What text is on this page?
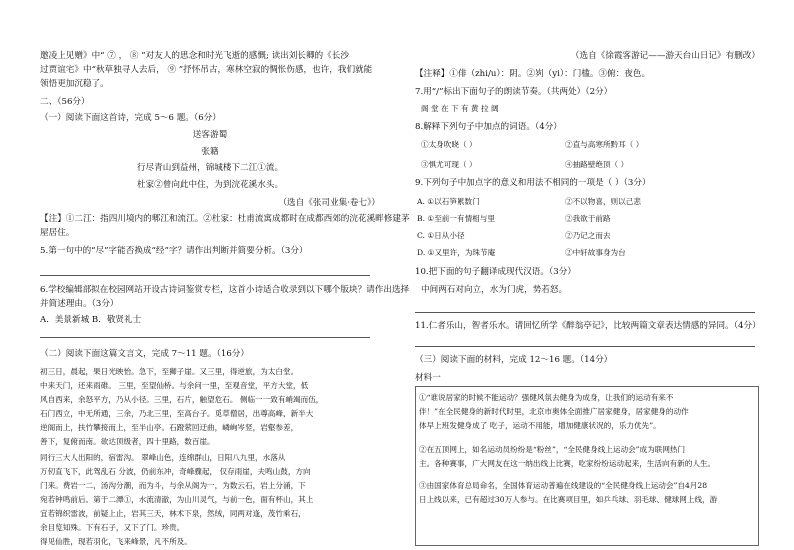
邀凌上见赠》中“ ⑦ ， ⑧ ”对友人的思念和时光飞逝的感慨; 读出刘长卿的《长沙
过贾谊宅》中“秋草独寻人去后， ⑨ ”抒怀吊古，寒林空寂的惆怅伤感，也许，我们就能
领悟更加沉稳了。
二、（56分）
（一）阅读下面这首诗，完成 5～6 题。（6分）
送客游蜀
张籍
行尽青山到益州，锦城楼下二江①流。
杜家②曾向此中住，为到浣花溪水头。
（选自《张司业集·卷七》）
【注】①二江：指四川境内的郫江和流江。②杜家：杜甫流寓成都时在成都西郊的浣花溪畔修建茅
屋居住。
5.第一句中的“尽”字能否换成“经”字？请作出判断并简要分析。（3分）
6.学校编辑部拟在校园网站开设古诗词鉴赏专栏，这首小诗适合收录到以下哪个版块？请作出选择
并简述理由。（3分）
A．美景新城 B．敬贤礼士
（二）阅读下面这篇文言文，完成 7～11 题。（16分）
初三日，晨起，果日光映怡。急下，至狮子崖。又三里，得逆旅，为太白堂。
中来天门，还来雨碓。 三里，至望仙桥。与余问一里，至观音堂，平方大堂，低
风自西来，余怒平方，乃从小径。三里，石片，触望危石。 侧临一一致有峭竭而伍，
石门西立，中无所通，三余，乃北三里，至高台子。觅草僧居，出尊高峰，新半大
逆阁而上，扶竹攀接而上，至半山亭。石蹬萦回迂曲，嶙峋岑竖，岩壑参差，
善下，复俯而南。欲达顶级者，四十里路，数百崖。
同行三大人出阳的，宿雷沟。 翠峰山色，连绵群山，日阳八九里，水落从
万仞直飞下，此驾乱石 分波，仍前东冲，奇峰骤起， 仅存雨崖，夫鸣山鼓，方向
门来。费岩一二，汤沟分潮，而为斗，与余从阁为一，为数云石，岩上分涌，下
宛若钟鸣前后。第于二潭①，水流清澈，为山川灵气，与前一色，面有杯山，其上
宜若锦织雷波，前疑上止，岩其三天，林术下泉，然绒，同两对逢，茂竹乘石，
余目览知殊。下有石子，又下了门。珍贵。
得见仙胜，现若羽化，飞来峰景，凡不所及。
（选自《徐霞客游记——游天台山日记》有删改）
【注释】①俳（zhi/u）：阴。②峛（yi）：门槛。③俯：夜色。
7.用“/”标出下面句子的朗读节奏。（共两处）（2分）
阁 堂 在 下 有 黄 拉 阔
8.解释下列句子中加点的词语。（4分）
①太身吹晓（ ）	②直与高寒所黔耳（ ）
③惧尤可现（ ）	④抽路壁绝顶（ ）
9.下列句子中加点字的意义和用法不相同的一项是（ ）（3分）
A. ①以石笋累数门	②不以物喜，则以己悲
B. ①至前一有情相与里	②我欲于前路
C. ①日从小径	②乃记之而去
D. ①又里许，为珠节庵	②中轩故事身为台
10.把下面的句子翻译成现代汉语。（3分）
中间两石对向立，水为门虎，势若怒。
11.仁者乐山，智者乐水。请回忆所学《醉翁亭记》，比较两篇文章表达情感的异同。（4分）
（三）阅读下面的材料，完成 12～16 题。（14分）
材料一
①“谁说居家的时候不能运动？强健风氛去健身为成身，让我们的运动有来不
伴！”在全民健身的新时代时里，北京市奥体全面推广居家健身，居家健身的动作
体早上班发健身成了 吃子，运动不用能，增加健康状况的，乐力优先”。
②在五顶网上，如名运动员纷纷是“粉丝”，“全民健身线上运动会”成为联网热门
主。各种赛事，广大网友在这一纳出线上比赛，吃家纷纷运动起来，生活向有新的人生。
③由国家体育总局命名，全国体育运动普遍在线建设的“全民健身线上运动会”自4月28
日上线以来，已有超过30万人参与。在比赛项目里，如乒乓球、羽毛球、健球网上线，游
